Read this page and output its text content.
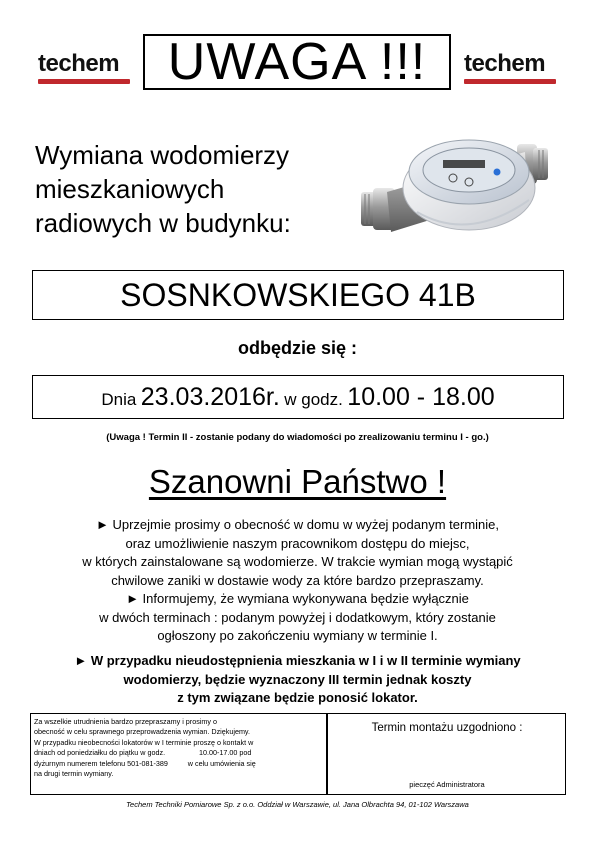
techem UWAGA !!! techem
Wymiana wodomierzy
mieszkaniowych
radiowych w budynku:
SOSNKOWSKIEGO 41B
odbędzie się :
Dnia 23.03.2016r. w godz. 10.00 - 18.00
(Uwaga ! Termin II - zostanie podany do wiadomości po zrealizowaniu terminu I - go.)
Szanowni Państwo !
► Uprzejmie prosimy o obecność w domu w wyżej podanym terminie,
oraz umożliwienie naszym pracownikom dostępu do miejsc,
w których zainstalowane są wodomierze. W trakcie wymian mogą wystąpić
chwilowe zaniki w dostawie wody za które bardzo przepraszamy.
► Informujemy, że wymiana wykonywana będzie wyłącznie
w dwóch terminach : podanym powyżej i dodatkowym, który zostanie
ogłoszony po zakończeniu wymiany w terminie I.
► W przypadku nieudostępnienia mieszkania w I i w II terminie wymiany
wodomierzy, będzie wyznaczony III termin jednak koszty
z tym związane będzie ponosić lokator.
Za wszelkie utrudnienia bardzo przepraszamy i prosimy o
obecność w celu sprawnego przeprowadzenia wymian. Dziękujemy.
W przypadku nieobecności lokatorów w I terminie proszę o kontakt w
dniach od poniedziałku do piątku w godz.                 10.00-17.00 pod
dyżurnym numerem telefonu 501-081-389          w celu umówienia się
na drugi termin wymiany.
Termin montażu uzgodniono :
pieczęć Administratora
Techem Techniki Pomiarowe Sp. z o.o. Oddział w Warszawie, ul. Jana Olbrachta 94, 01-102 Warszawa
